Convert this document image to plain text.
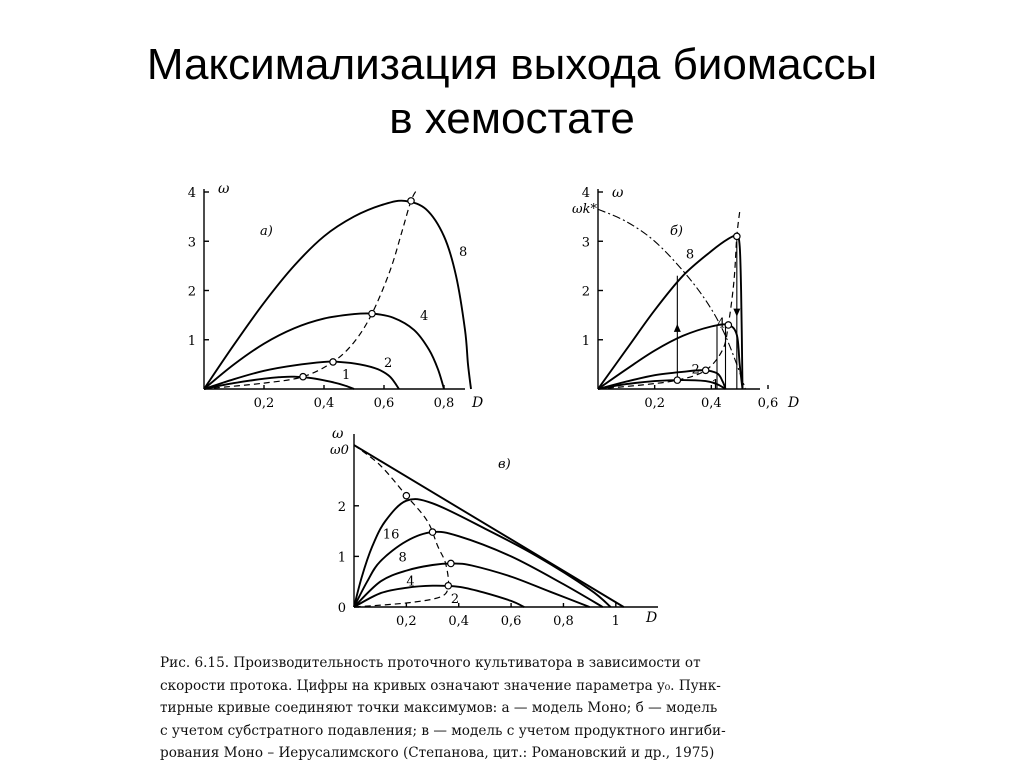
Максимализация выхода биомассы
в хемостате
0,2	0,4	0,6	0,8
1
2
3
4 ω
D
а)
1
2
4
8
0,2	0,4	0,6
1
2
3
4 ω
D
ωk*
б)
1
2
4
8
0,2 0,4 0,6 0,8	1
0
1
2
ω
D
ω0
в)
2
4
8
16
Рис. 6.15. Производительность проточного культиватора в зависимости от
скорости протока. Цифры на кривых означают значение параметра y₀. Пунк-
тирные кривые соединяют точки максимумов: а — модель Моно; б — модель
с учетом субстратного подавления; в — модель с учетом продуктного ингиби-
рования Моно – Иерусалимского (Степанова, цит.: Романовский и др., 1975)
